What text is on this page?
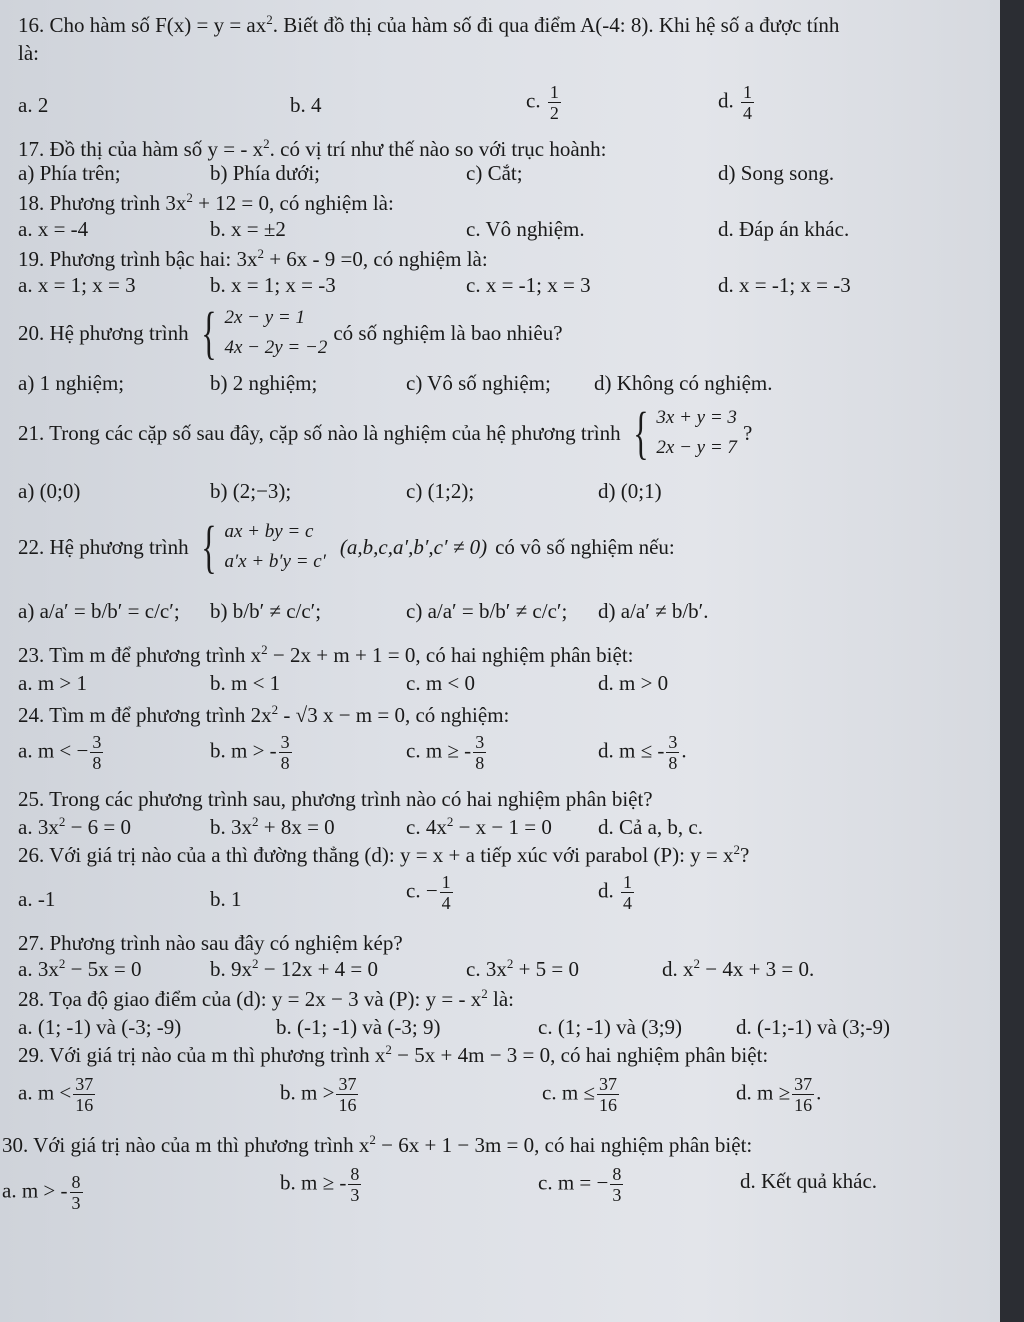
16. Cho hàm số $F(x) = y = ax^2$. Biết đồ thị của hàm số đi qua điểm A(-4: 8). Khi hệ số a được tính
là:
a. 2	b. 4	c. $\frac{1}{2}$	d. $\frac{1}{4}$
17. Đồ thị của hàm số y = - $x^2$. có vị trí như thế nào so với trục hoành:
a) Phía trên;	b) Phía dưới;	c) Cắt;	d) Song song.
18. Phương trình $3x^2 + 12 = 0$, có nghiệm là:
a. x = -4	b. x = ±2	c. Vô nghiệm.	d. Đáp án khác.
19. Phương trình bậc hai: $3x^2 + 6x - 9 =0$, có nghiệm là:
a. x = 1; x = 3	b. x = 1; x = -3	c. x = -1; x = 3	d. x = -1; x = -3
20. Hệ phương trình { 2x − y = 1
4x − 2y = −2
có số nghiệm là bao nhiêu?
a) 1 nghiệm;	b) 2 nghiệm;	c) Vô số nghiệm; d) Không có nghiệm.
21. Trong các cặp số sau đây, cặp số nào là nghiệm của hệ phương trình { 3x + y = 3
2x − y = 7
?
a) (0;0)	b) (2;−3);	c) (1;2);	d) (0;1)
22. Hệ phương trình { ax + by = c
a′x + b′y = c′
(a,b,c,a′,b′,c′ ≠ 0) có vô số nghiệm nếu:
a) a/a′ = b/b′ = c/c′; b) b/b′ ≠ c/c′;	c) a/a′ = b/b′ ≠ c/c′; d) a/a′ ≠ b/b′.
23. Tìm m để phương trình $x^2 - 2x + m + 1 = 0$, có hai nghiệm phân biệt:
a. m > 1	b. m < 1	c. m < 0	d. m > 0
24. Tìm m để phương trình $2x^2 - √3$ x − m = 0, có nghiệm:
a. m < − $\frac{3}{8}$	b. m > - $\frac{3}{8}$	c. m ≥ - $\frac{3}{8}$	d. m ≤ - $\frac{3}{8}$ .
25. Trong các phương trình sau, phương trình nào có hai nghiệm phân biệt?
a. $3x^2 - 6 = 0$	b. $3x^2 + 8x = 0$	c. $4x^2 - x - 1 = 0$ d. Cả a, b, c.
26. Với giá trị nào của a thì đường thẳng (d): y = x + a tiếp xúc với parabol (P): $y = x^2$?
a. -1	b. 1	c. − $\frac{1}{4}$	d. $\frac{1}{4}$
27. Phương trình nào sau đây có nghiệm kép?
a. $3x^2 - 5x = 0$	b. $9x^2 - 12x + 4 = 0$	c. $3x^2 + 5 = 0$	d. $x^2 - 4x + 3 = 0$.
28. Tọa độ giao điểm của (d): y = 2x − 3 và (P): y = - $x^2$ là:
a. (1; -1) và (-3; -9)	b. (-1; -1) và (-3; 9)	c. (1; -1) và (3;9)	d. (-1;-1) và (3;-9)
29. Với giá trị nào của m thì phương trình $x^2 - 5x + 4m - 3 = 0$, có hai nghiệm phân biệt:
a. $m < \frac{37}{16}$	b. $m > \frac{37}{16}$	c. $m \le \frac{37}{16}$	d. $m \ge \frac{37}{16}$ .
30. Với giá trị nào của m thì phương trình $x^2 - 6x + 1 - 3m = 0$, có hai nghiệm phân biệt:
a. m > - $\frac{8}{3}$	b. m ≥ - $\frac{8}{3}$	c. m = − $\frac{8}{3}$	d. Kết quả khác.
